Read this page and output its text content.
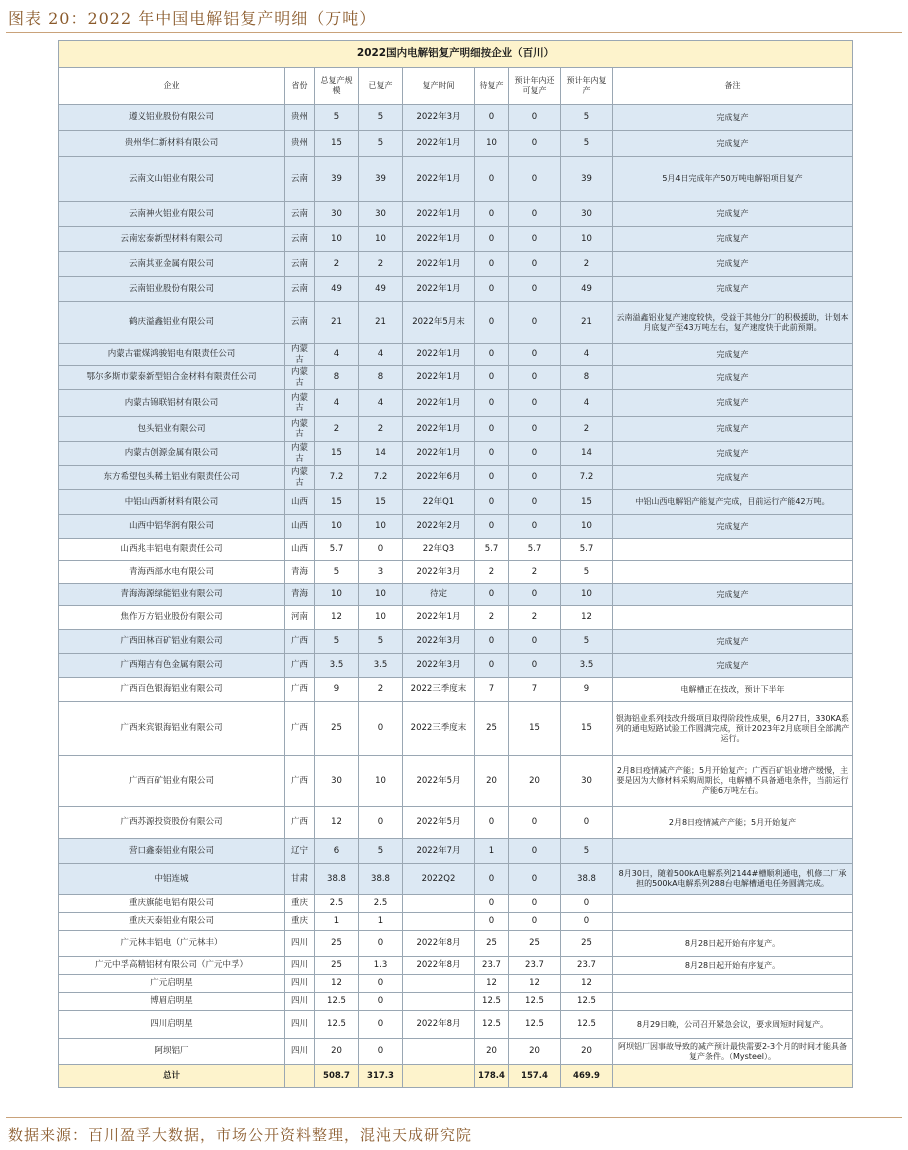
图表 20：2022 年中国电解铝复产明细（万吨）
2022国内电解铝复产明细按企业（百川）								
企业	省份	总复产规模	已复产	复产时间	待复产	预计年内还可复产	预计年内复产	备注
遵义铝业股份有限公司	贵州	5	5	2022年3月	0	0	5	完成复产
贵州华仁新材料有限公司	贵州	15	5	2022年1月	10	0	5	完成复产
云南文山铝业有限公司	云南	39	39	2022年1月	0	0	39	5月4日完成年产50万吨电解铝项目复产
云南神火铝业有限公司	云南	30	30	2022年1月	0	0	30	完成复产
云南宏泰新型材料有限公司	云南	10	10	2022年1月	0	0	10	完成复产
云南其亚金属有限公司	云南	2	2	2022年1月	0	0	2	完成复产
云南铝业股份有限公司	云南	49	49	2022年1月	0	0	49	完成复产
鹤庆溢鑫铝业有限公司	云南	21	21	2022年5月末	0	0	21	云南溢鑫铝业复产速度较快，受益于其他分厂的积极援助，计划本月底复产至43万吨左右，复产速度快于此前预期。
内蒙古霍煤鸿骏铝电有限责任公司	内蒙古	4	4	2022年1月	0	0	4	完成复产
鄂尔多斯市蒙泰新型铝合金材料有限责任公司	内蒙古	8	8	2022年1月	0	0	8	完成复产
内蒙古锦联铝材有限公司	内蒙古	4	4	2022年1月	0	0	4	完成复产
包头铝业有限公司	内蒙古	2	2	2022年1月	0	0	2	完成复产
内蒙古创源金属有限公司	内蒙古	15	14	2022年1月	0	0	14	完成复产
东方希望包头稀土铝业有限责任公司	内蒙古	7.2	7.2	2022年6月	0	0	7.2	完成复产
中铝山西新材料有限公司	山西	15	15	22年Q1	0	0	15	中铝山西电解铝产能复产完成，目前运行产能42万吨。
山西中铝华润有限公司	山西	10	10	2022年2月	0	0	10	完成复产
山西兆丰铝电有限责任公司	山西	5.7	0	22年Q3	5.7	5.7	5.7	
青海西部水电有限公司	青海	5	3	2022年3月	2	2	5	
青海海源绿能铝业有限公司	青海	10	10	待定	0	0	10	完成复产
焦作万方铝业股份有限公司	河南	12	10	2022年1月	2	2	12	
广西田林百矿铝业有限公司	广西	5	5	2022年3月	0	0	5	完成复产
广西翔吉有色金属有限公司	广西	3.5	3.5	2022年3月	0	0	3.5	完成复产
广西百色银海铝业有限公司	广西	9	2	2022三季度末	7	7	9	电解槽正在技改，预计下半年
广西来宾银海铝业有限公司	广西	25	0	2022三季度末	25	15	15	银海铝业系列技改升级项目取得阶段性成果，6月27日，330KA系列的通电短路试验工作圆满完成，预计2023年2月底项目全部满产运行。
广西百矿铝业有限公司	广西	30	10	2022年5月	20	20	30	2月8日疫情减产产能；5月开始复产；广西百矿铝业增产缓慢，主要是因为大修材料采购周期长，电解槽不具备通电条件，当前运行产能6万吨左右。
广西苏源投资股份有限公司	广西	12	0	2022年5月	0	0	0	2月8日疫情减产产能；5月开始复产
营口鑫泰铝业有限公司	辽宁	6	5	2022年7月	1	0	5	
中铝连城	甘肃	38.8	38.8	2022Q2	0	0	38.8	8月30日，随着500kA电解系列2144#槽顺利通电，机修二厂承担的500kA电解系列288台电解槽通电任务圆满完成。
重庆旗能电铝有限公司	重庆	2.5	2.5		0	0	0	
重庆天泰铝业有限公司	重庆	1	1		0	0	0	
广元林丰铝电（广元林丰）	四川	25	0	2022年8月	25	25	25	8月28日起开始有序复产。
广元中孚高精铝材有限公司（广元中孚）	四川	25	1.3	2022年8月	23.7	23.7	23.7	8月28日起开始有序复产。
广元启明星	四川	12	0		12	12	12	
博眉启明星	四川	12.5	0		12.5	12.5	12.5	
四川启明星	四川	12.5	0	2022年8月	12.5	12.5	12.5	8月29日晚，公司召开紧急会议，要求周短时间复产。
阿坝铝厂	四川	20	0		20	20	20	阿坝铝厂因事故导致的减产预计最快需要2-3个月的时间才能具备复产条件。（Mysteel）。
总计		508.7	317.3		178.4	157.4	469.9	
数据来源：百川盈孚大数据，市场公开资料整理，混沌天成研究院
